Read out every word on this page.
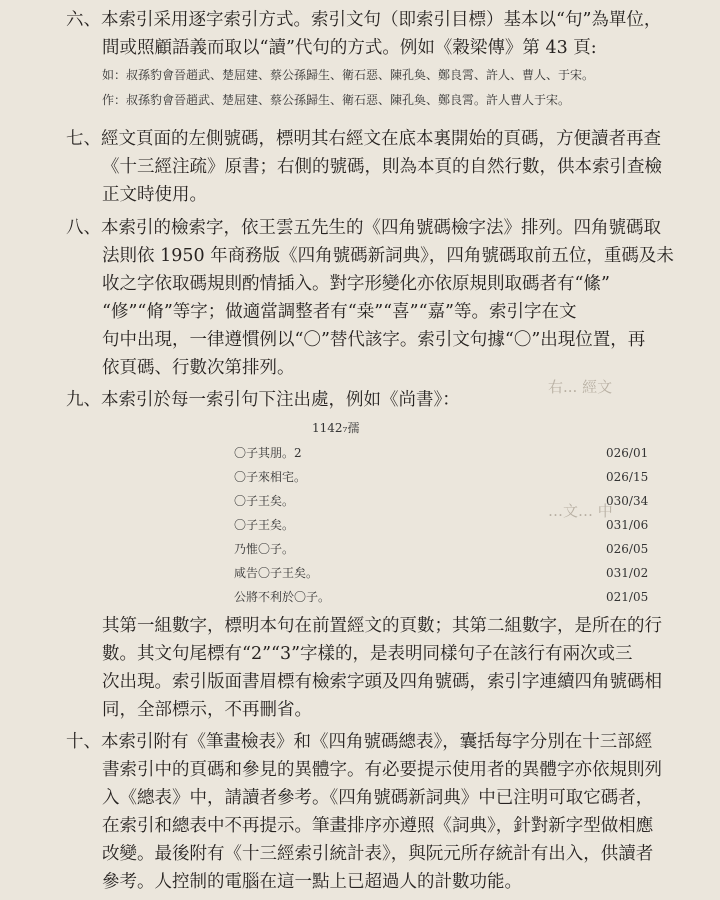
右... 經文
…文… 中
六、本索引采用逐字索引方式。索引文句（即索引目標）基本以“句”為單位，
間或照顧語義而取以“讀”代句的方式。例如《穀梁傳》第 43 頁:
如：叔孫豹會晉趙武、楚屈建、蔡公孫歸生、衛石惡、陳孔奐、鄭良霄、許人、曹人、于宋。
作：叔孫豹會晉趙武、楚屈建、蔡公孫歸生、衛石惡、陳孔奐、鄭良霄。許人曹人于宋。
七、經文頁面的左側號碼，標明其右經文在底本裏開始的頁碼，方便讀者再查
《十三經注疏》原書；右側的號碼，則為本頁的自然行數，供本索引查檢
正文時使用。
八、本索引的檢索字，依王雲五先生的《四角號碼檢字法》排列。四角號碼取
法則依 1950 年商務版《四角號碼新詞典》，四角號碼取前五位，重碼及未
收之字依取碼規則酌情插入。對字形變化亦依原規則取碼者有“絛”
“修”“脩”等字；做適當調整者有“桒”“喜”“嘉”等。索引字在文
句中出現，一律遵慣例以“〇”替代該字。索引文句據“〇”出現位置，再
依頁碼、行數次第排列。
九、本索引於每一索引句下注出處，例如《尚書》：
1142₇孺
〇子其朋。2	026/01
〇子來相宅。	026/15
〇子王矣。	030/34
〇子王矣。	031/06
乃惟〇子。	026/05
咸告〇子王矣。	031/02
公將不利於〇子。	021/05
其第一組數字，標明本句在前置經文的頁數；其第二組數字，是所在的行
數。其文句尾標有“2”“3”字樣的，是表明同樣句子在該行有兩次或三
次出現。索引版面書眉標有檢索字頭及四角號碼，索引字連續四角號碼相
同，全部標示，不再刪省。
十、本索引附有《筆畫檢表》和《四角號碼總表》，囊括每字分別在十三部經
書索引中的頁碼和參見的異體字。有必要提示使用者的異體字亦依規則列
入《總表》中，請讀者參考。《四角號碼新詞典》中已注明可取它碼者，
在索引和總表中不再提示。筆畫排序亦遵照《詞典》，針對新字型做相應
改變。最後附有《十三經索引統計表》，與阮元所存統計有出入，供讀者
參考。人控制的電腦在這一點上已超過人的計數功能。
